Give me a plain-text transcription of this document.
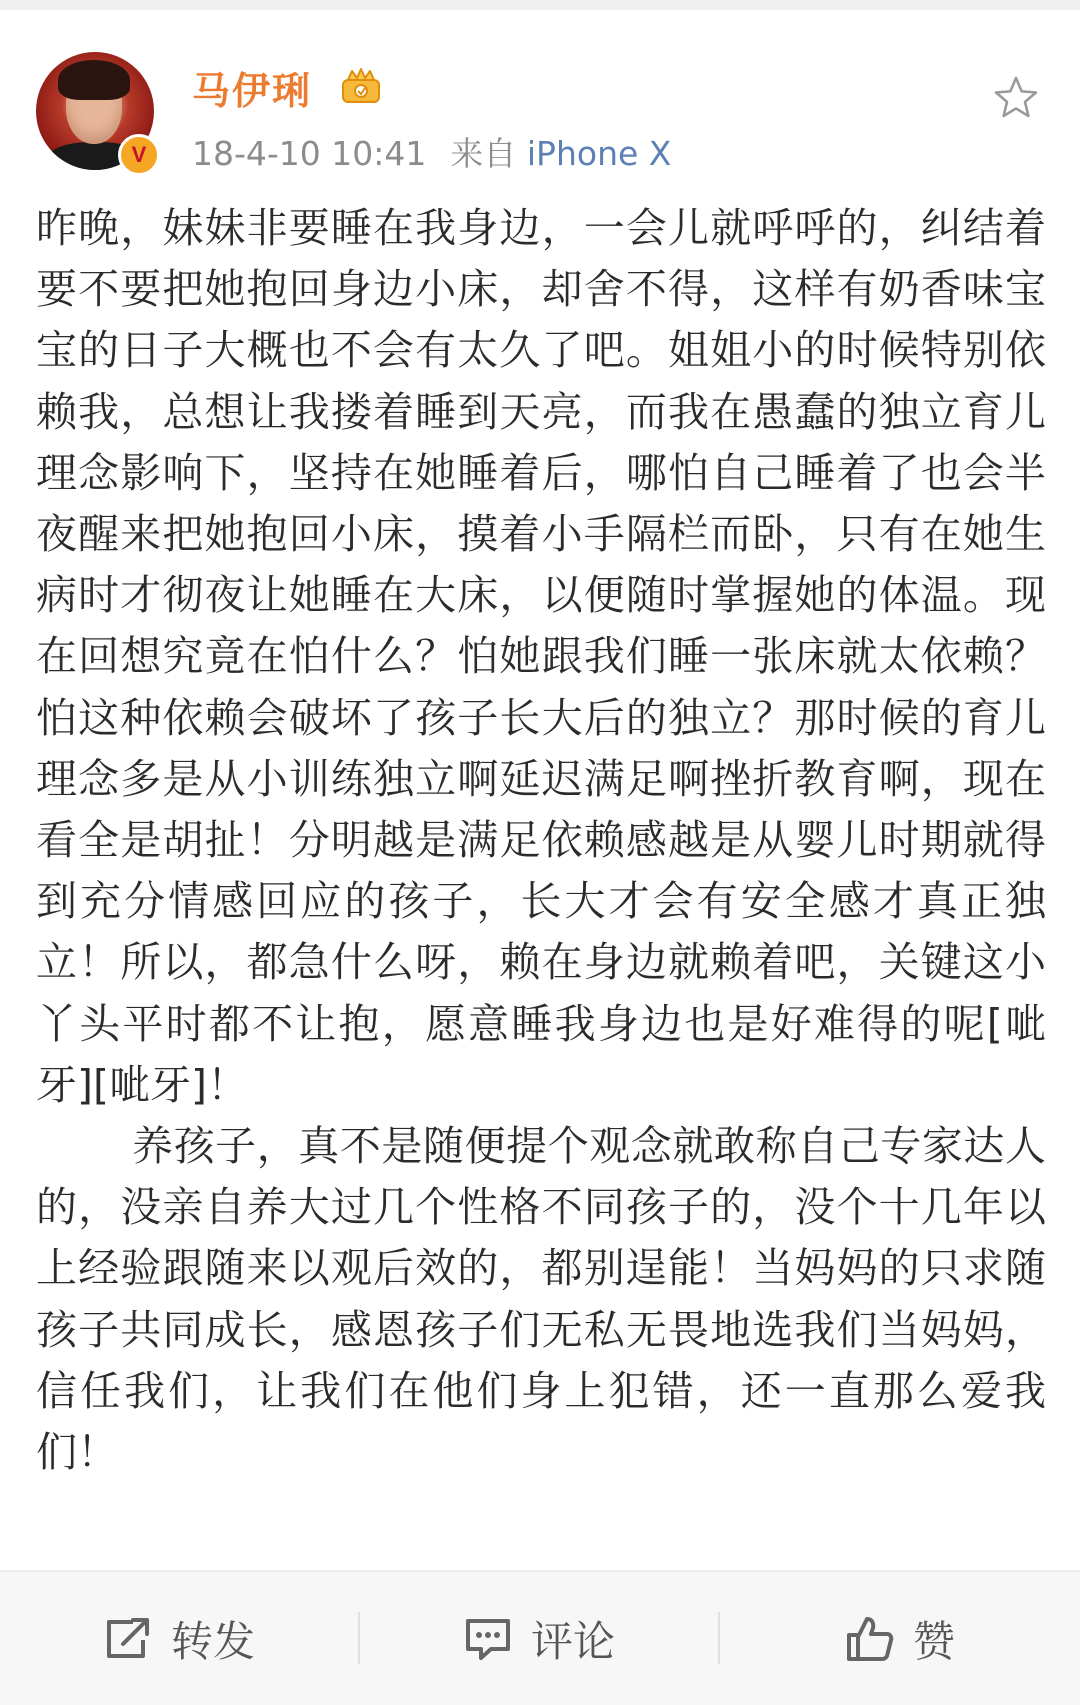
V
马伊琍
18-4-10 10:41 来自 iPhone X

昨晚，妹妹非要睡在我身边，一会儿就呼呼的，纠结着要不要把她抱回身边小床，却舍不得，这样有奶香味宝宝的日子大概也不会有太久了吧。姐姐小的时候特别依赖我，总想让我搂着睡到天亮，而我在愚蠢的独立育儿理念影响下，坚持在她睡着后，哪怕自己睡着了也会半夜醒来把她抱回小床，摸着小手隔栏而卧，只有在她生病时才彻夜让她睡在大床，以便随时掌握她的体温。现在回想究竟在怕什么？怕她跟我们睡一张床就太依赖？怕这种依赖会破坏了孩子长大后的独立？那时候的育儿理念多是从小训练独立啊延迟满足啊挫折教育啊，现在看全是胡扯！分明越是满足依赖感越是从婴儿时期就得到充分情感回应的孩子，长大才会有安全感才真正独立！所以，都急什么呀，赖在身边就赖着吧，关键这小丫头平时都不让抱，愿意睡我身边也是好难得的呢[呲牙][呲牙]！

养孩子，真不是随便提个观念就敢称自己专家达人的，没亲自养大过几个性格不同孩子的，没个十几年以上经验跟随来以观后效的，都别逞能！当妈妈的只求随孩子共同成长，感恩孩子们无私无畏地选我们当妈妈，信任我们，让我们在他们身上犯错，还一直那么爱我们！

转发	评论	赞
